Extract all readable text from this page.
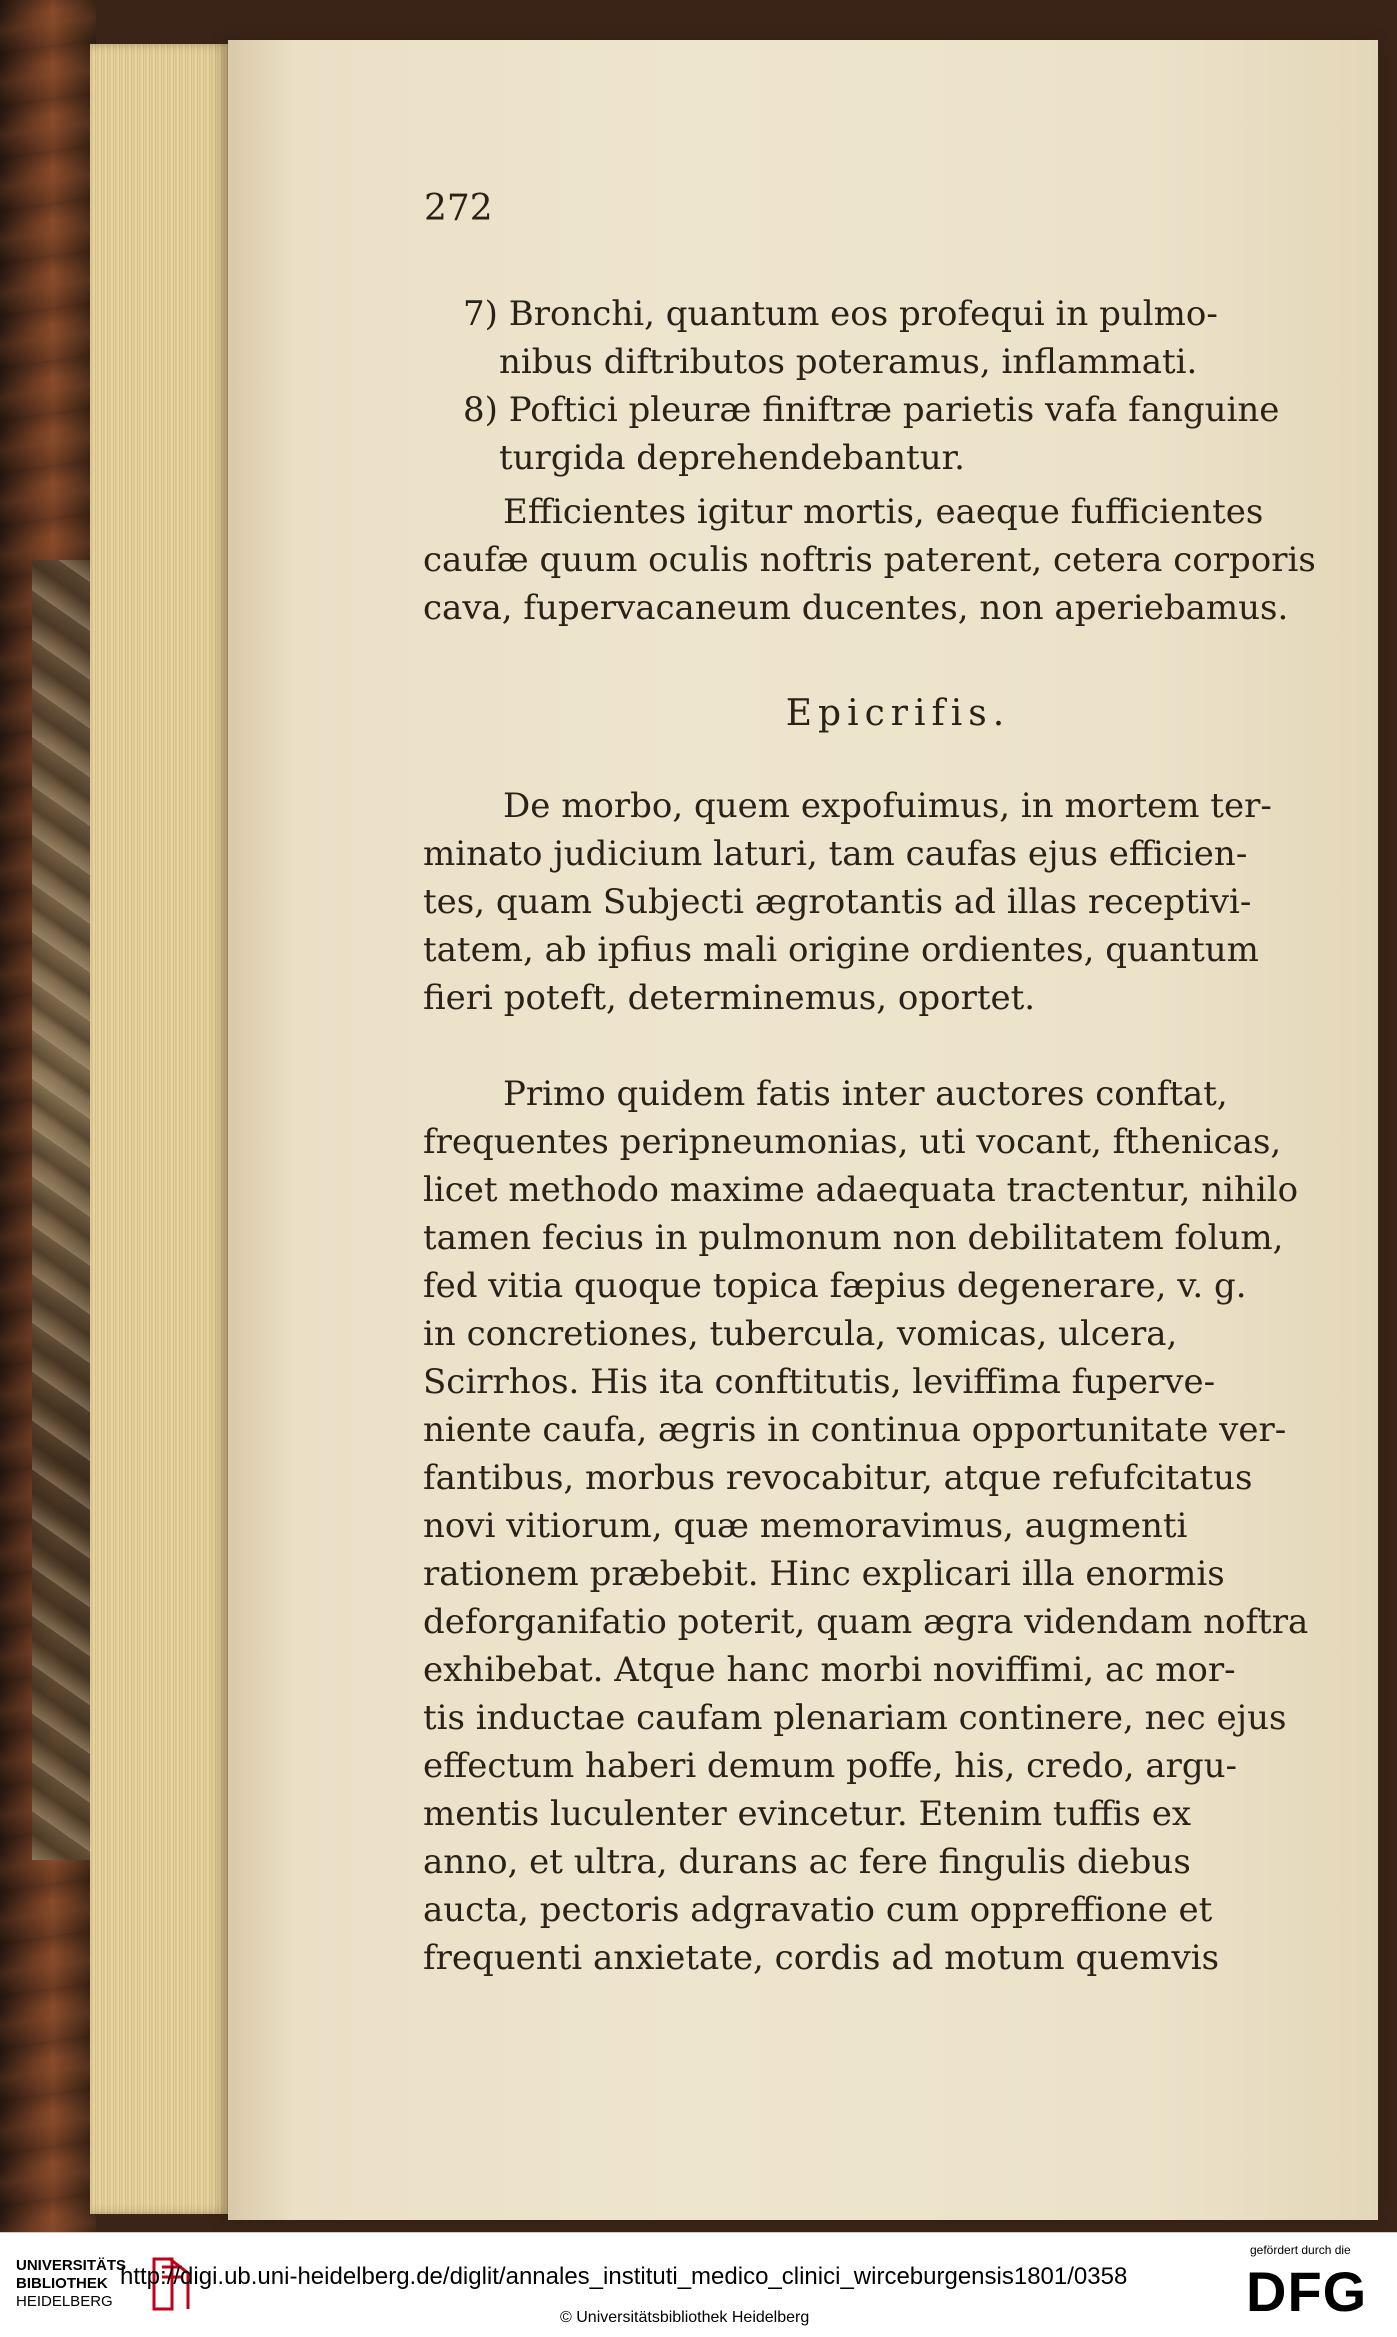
272
7) Bronchi, quantum eos profequi in pulmo-
nibus diftributos poteramus, inflammati.
8) Poftici pleuræ finiftræ parietis vafa fanguine
turgida deprehendebantur.
Efficientes igitur mortis, eaeque fufficientes
caufæ quum oculis noftris paterent, cetera corporis
cava, fupervacaneum ducentes, non aperiebamus.
Epicrifis.
De morbo, quem expofuimus, in mortem ter-
minato judicium laturi, tam caufas ejus efficien-
tes, quam Subjecti ægrotantis ad illas receptivi-
tatem, ab ipfius mali origine ordientes, quantum
fieri poteft, determinemus, oportet.
Primo quidem fatis inter auctores conftat,
frequentes peripneumonias, uti vocant, fthenicas,
licet methodo maxime adaequata tractentur, nihilo
tamen fecius in pulmonum non debilitatem folum,
fed vitia quoque topica fæpius degenerare, v. g.
in concretiones, tubercula, vomicas, ulcera,
Scirrhos. His ita conftitutis, leviffima fuperve-
niente caufa, ægris in continua opportunitate ver-
fantibus, morbus revocabitur, atque refufcitatus
novi vitiorum, quæ memoravimus, augmenti
rationem præbebit. Hinc explicari illa enormis
deforganifatio poterit, quam ægra videndam noftra
exhibebat. Atque hanc morbi noviffimi, ac mor-
tis inductae caufam plenariam continere, nec ejus
effectum haberi demum poffe, his, credo, argu-
mentis luculenter evincetur. Etenim tuffis ex
anno, et ultra, durans ac fere fingulis diebus
aucta, pectoris adgravatio cum oppreffione et
frequenti anxietate, cordis ad motum quemvis
UNIVERSITÄTS
BIBLIOTHEK
HEIDELBERG
http://digi.ub.uni-heidelberg.de/diglit/annales_instituti_medico_clinici_wirceburgensis1801/0358
© Universitätsbibliothek Heidelberg
gefördert durch die
DFG
